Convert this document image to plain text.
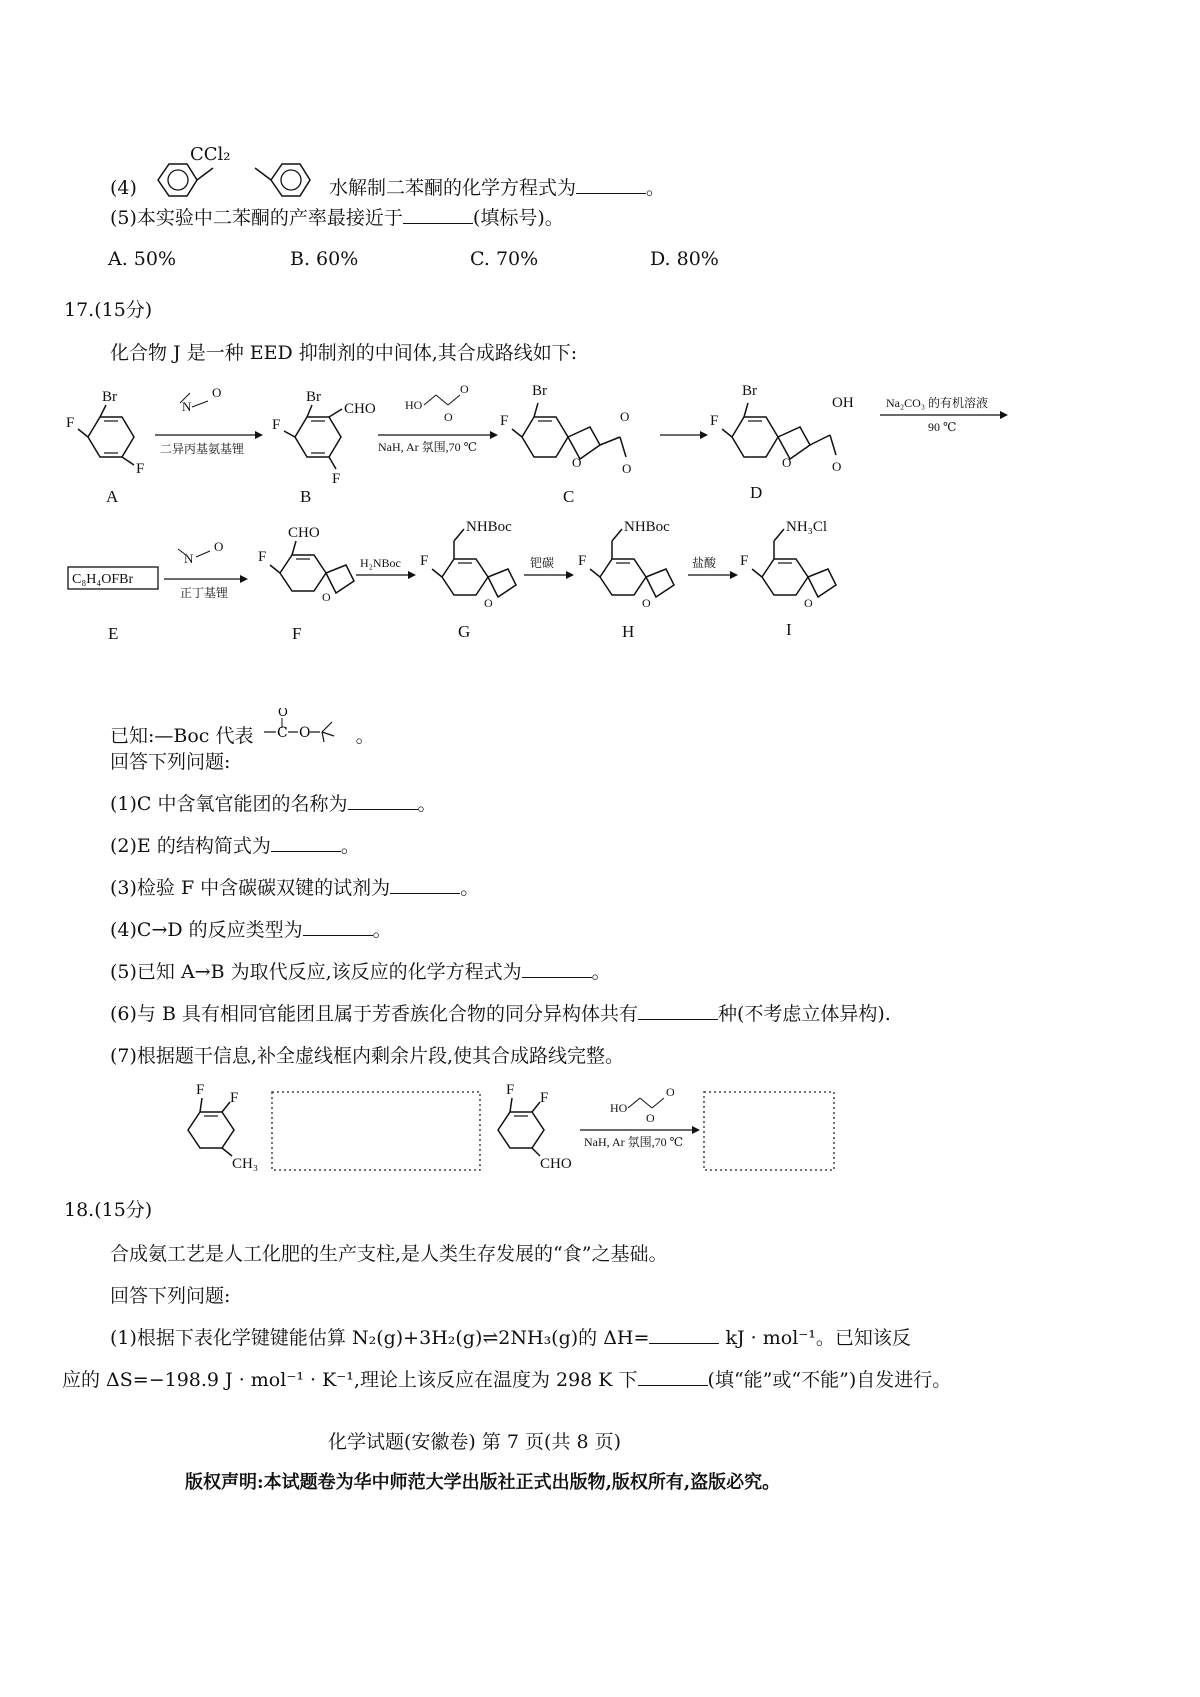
(4)
CCl₂
水解制二苯酮的化学方程式为	。
(5)本实验中二苯酮的产率最接近于	(填标号)。
A. 50%	B. 60%	C. 70%	D. 80%
17.(15分)
化合物 J 是一种 EED 抑制剂的中间体,其合成路线如下:
Br
F
F
N
O
二异丙基氨基锂
Br
F
CHO
F
HO
O
O
NaH, Ar 氛围,70 ℃
O
Br
F
O
O
O
Br
F
O
OH	Na₂CO₃ 的有机溶液
90 ℃
A	B	C	D
C₈H₄OFBr
N
O
正丁基锂	O
CHO
F	H₂NBoc
O
NHBoc
F	钯碳
O
NHBoc
F	盐酸
O
NH₃Cl
F
E	F	G	H	I
已知:—Boc 代表
O
C O 。
回答下列问题:
(1)C 中含氧官能团的名称为	。
(2)E 的结构简式为	。
(3)检验 F 中含碳碳双键的试剂为	。
(4)C→D 的反应类型为	。
(5)已知 A→B 为取代反应,该反应的化学方程式为	。
(6)与 B 具有相同官能团且属于芳香族化合物的同分异构体共有	种(不考虑立体异构).
(7)根据题干信息,补全虚线框内剩余片段,使其合成路线完整。
F F
CH₃
F F
CHO
HO
O
O
NaH, Ar 氛围,70 ℃
18.(15分)
合成氨工艺是人工化肥的生产支柱,是人类生存发展的“食”之基础。
回答下列问题:
(1)根据下表化学键键能估算 N₂(g)+3H₂(g)⇌2NH₃(g)的 ΔH=	kJ · mol⁻¹。已知该反
应的 ΔS=−198.9 J · mol⁻¹ · K⁻¹,理论上该反应在温度为 298 K 下	(填“能”或“不能”)自发进行。
化学试题(安徽卷) 第 7 页(共 8 页)
版权声明:本试题卷为华中师范大学出版社正式出版物,版权所有,盗版必究。
